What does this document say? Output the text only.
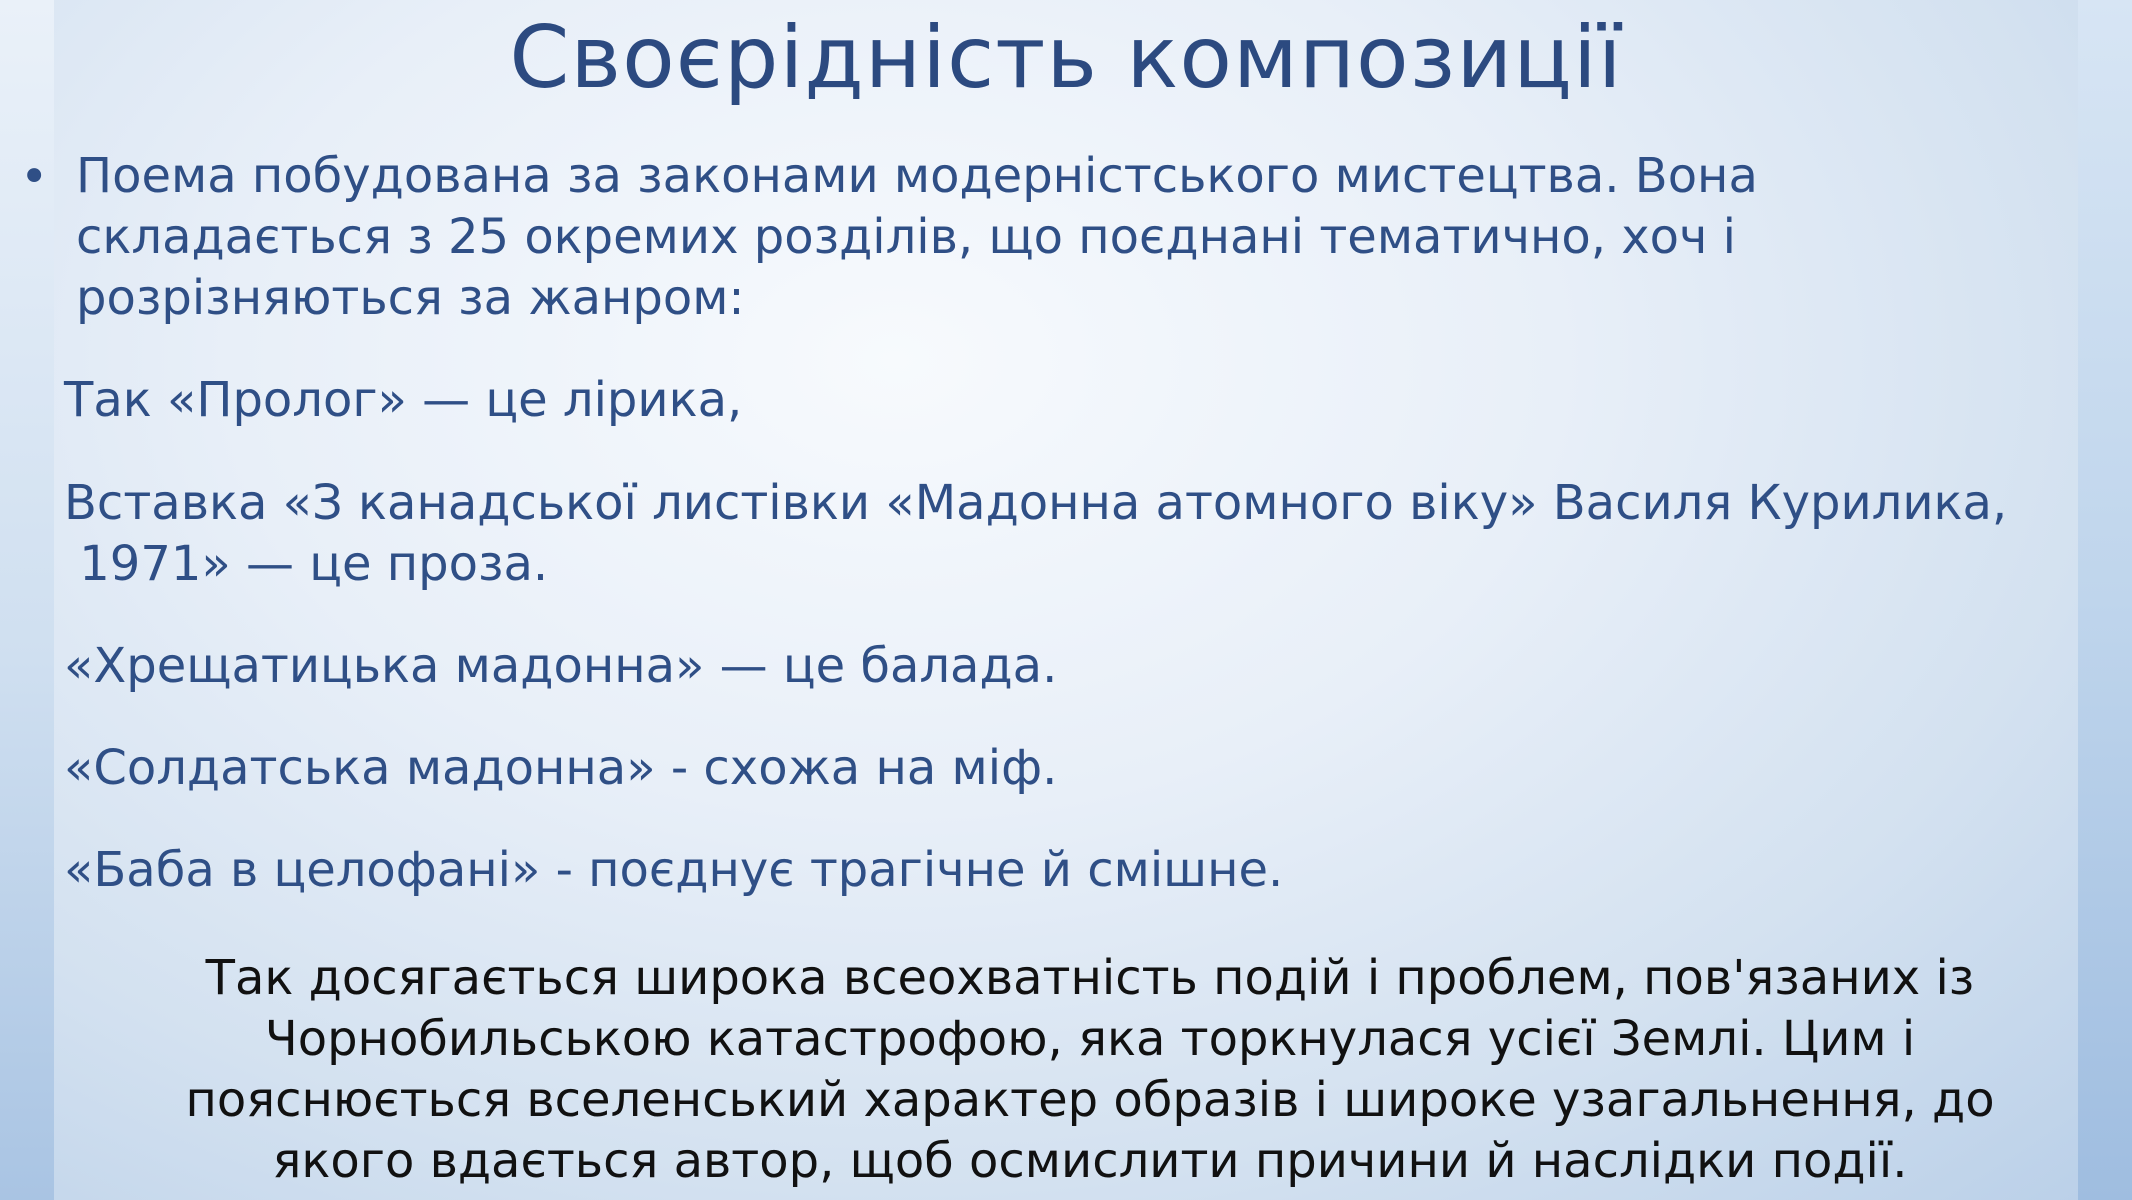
Своєрідність композиції
• Поема побудована за законами модерністського мистецтва. Вона складається з 25 окремих розділів, що поєднані тематично, хоч і розрізняються за жанром:
Так «Пролог» — це лірика,
Вставка «З канадської листівки «Мадонна атомного віку» Василя Курилика,
1971» — це проза.
«Хрещатицька мадонна» — це балада.
«Солдатська мадонна» - схожа на міф.
«Баба в целофані» - поєднує трагічне й смішне.
Так досягається широка всеохватність подій і проблем, пов'язаних із
Чорнобильською катастрофою, яка торкнулася усієї Землі. Цим і
пояснюється вселенський характер образів і широке узагальнення, до
якого вдається автор, щоб осмислити причини й наслідки події.
